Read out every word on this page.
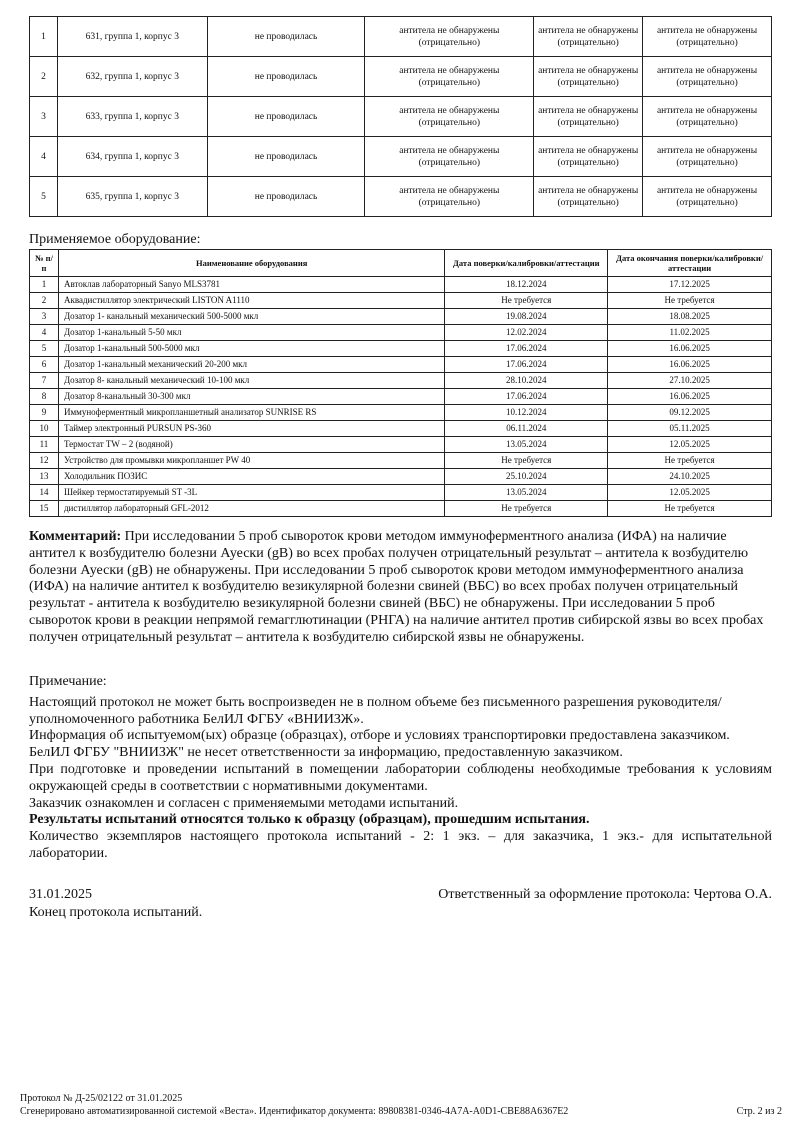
1	631, группа 1, корпус 3	не проводилась	антитела не обнаружены (отрицательно)	антитела не обнаружены (отрицательно)	антитела не обнаружены (отрицательно)
2	632, группа 1, корпус 3	не проводилась	антитела не обнаружены (отрицательно)	антитела не обнаружены (отрицательно)	антитела не обнаружены (отрицательно)
3	633, группа 1, корпус 3	не проводилась	антитела не обнаружены (отрицательно)	антитела не обнаружены (отрицательно)	антитела не обнаружены (отрицательно)
4	634, группа 1, корпус 3	не проводилась	антитела не обнаружены (отрицательно)	антитела не обнаружены (отрицательно)	антитела не обнаружены (отрицательно)
5	635, группа 1, корпус 3	не проводилась	антитела не обнаружены (отрицательно)	антитела не обнаружены (отрицательно)	антитела не обнаружены (отрицательно)
Применяемое оборудование:
№ п/п	Наименование оборудования	Дата поверки/калибровки/аттестации	Дата окончания поверки/калибровки/аттестации
1	Автоклав лабораторный Sanyo MLS3781	18.12.2024	17.12.2025
2	Аквадистиллятор электрический LISTON A1110	Не требуется	Не требуется
3	Дозатор 1- канальный механический 500-5000 мкл	19.08.2024	18.08.2025
4	Дозатор 1-канальный 5-50 мкл	12.02.2024	11.02.2025
5	Дозатор 1-канальный 500-5000 мкл	17.06.2024	16.06.2025
6	Дозатор 1-канальный механический 20-200 мкл	17.06.2024	16.06.2025
7	Дозатор 8- канальный механический 10-100 мкл	28.10.2024	27.10.2025
8	Дозатор 8-канальный 30-300 мкл	17.06.2024	16.06.2025
9	Иммуноферментный микропланшетный анализатор SUNRISE RS	10.12.2024	09.12.2025
10	Таймер электронный PURSUN PS-360	06.11.2024	05.11.2025
11	Термостат TW – 2 (водяной)	13.05.2024	12.05.2025
12	Устройство для промывки микропланшет PW 40	Не требуется	Не требуется
13	Холодильник ПОЗИС	25.10.2024	24.10.2025
14	Шейкер термостатируемый ST -3L	13.05.2024	12.05.2025
15	дистиллятор лабораторный GFL-2012	Не требуется	Не требуется
Комментарий: При исследовании 5 проб сывороток крови методом иммуноферментного анализа (ИФА) на наличие антител к возбудителю болезни Ауески (gB) во всех пробах получен отрицательный результат – антитела к возбудителю болезни Ауески (gB) не обнаружены. При исследовании 5 проб сывороток крови методом иммуноферментного анализа (ИФА) на наличие антител к возбудителю везикулярной болезни свиней (ВБС) во всех пробах получен отрицательный результат - антитела к возбудителю везикулярной болезни свиней (ВБС) не обнаружены. При исследовании 5 проб сывороток крови в реакции непрямой гемагглютинации (РНГА) на наличие антител против сибирской язвы во всех пробах получен отрицательный результат – антитела к возбудителю сибирской язвы не обнаружены.
Примечание:
Настоящий протокол не может быть воспроизведен не в полном объеме без письменного разрешения руководителя/уполномоченного работника БелИЛ ФГБУ «ВНИИЗЖ».
Информация об испытуемом(ых) образце (образцах), отборе и условиях транспортировки предоставлена заказчиком.
БелИЛ ФГБУ "ВНИИЗЖ" не несет ответственности за информацию, предоставленную заказчиком.
При подготовке и проведении испытаний в помещении лаборатории соблюдены необходимые требования к условиям окружающей среды в соответствии с нормативными документами.
Заказчик ознакомлен и согласен с применяемыми методами испытаний.
Результаты испытаний относятся только к образцу (образцам), прошедшим испытания.
Количество экземпляров настоящего протокола испытаний - 2: 1 экз. – для заказчика, 1 экз.- для испытательной лаборатории.
31.01.2025	Ответственный за оформление протокола: Чертова О.А.
Конец протокола испытаний.
Протокол № Д-25/02122 от 31.01.2025
Сгенерировано автоматизированной системой «Веста». Идентификатор документа: 89808381-0346-4A7A-A0D1-CBE88A6367E2	Стр. 2 из 2
